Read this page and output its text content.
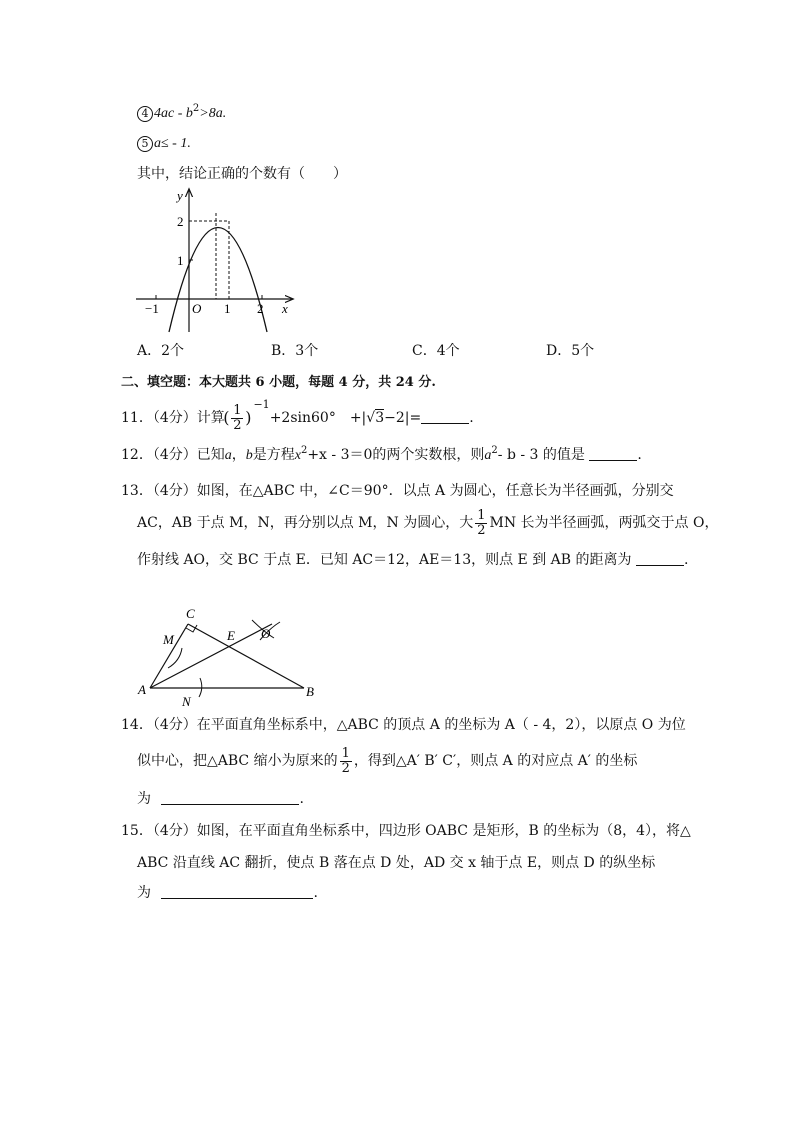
4 $4ac - b^2>8a$.
5 a≤ - 1.
其中，结论正确的个数有（　　）
y
2
1
−1	O 1 2 x
A．2个	B．3个	C．4个	D．5个
二、填空题：本大题共 6 小题，每题 4 分，共 24 分.
11．（4分）计算
( 1
2 )
$^{-1}$+2sin60°　+|√3−2|=	.
12．（4分）已知a，b是方程$x^2+x - 3=0$的两个实数根，则$a^2-$ b - 3 的值是	.
13．（4分）如图，在△ABC 中，∠C＝90°．以点 A 为圆心，任意长为半径画弧，分别交
AC，AB 于点 M，N，再分别以点 M，N 为圆心，大 $\frac{1}{2}$ MN 长为半径画弧，两弧交于点 O，
作射线 AO，交 BC 于点 E．已知 AC＝12，AE＝13，则点 E 到 AB 的距离为	.
A	B
C
M
N
E O
14．（4分）在平面直角坐标系中，△ABC 的顶点 A 的坐标为 A（ - 4，2），以原点 O 为位
似中心，把△ABC 缩小为原来的 $\frac{1}{2}$ ，得到△A′ B′ C′，则点 A 的对应点 A′ 的坐标
为	.
15．（4分）如图，在平面直角坐标系中，四边形 OABC 是矩形，B 的坐标为（8，4），将△
ABC 沿直线 AC 翻折，使点 B 落在点 D 处，AD 交 x 轴于点 E，则点 D 的纵坐标
为	.
